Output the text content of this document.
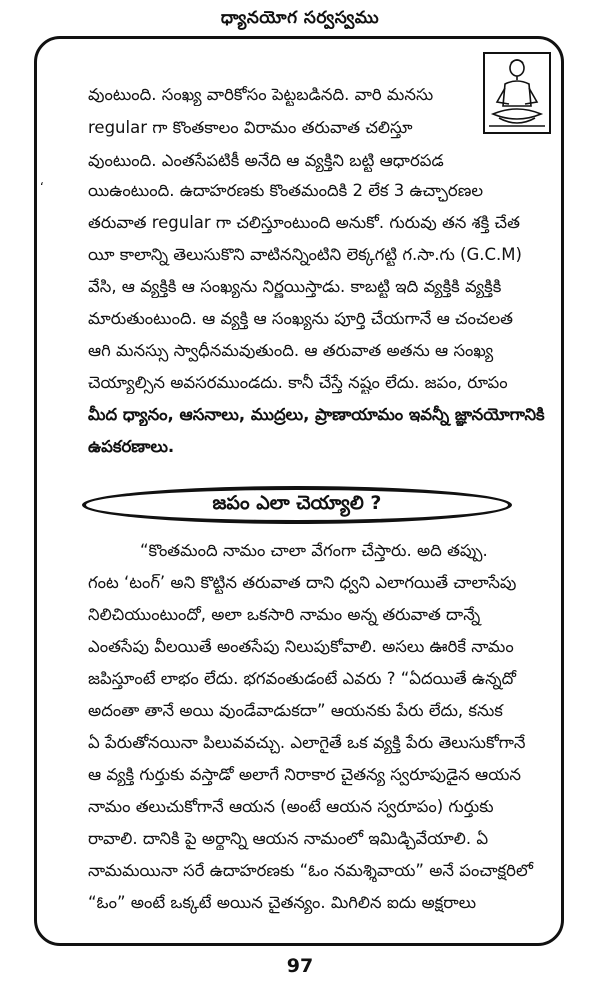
ధ్యానయోగ సర్వస్వము
ʻ
వుంటుంది. సంఖ్య వారికోసం పెట్టబడినది. వారి మనసు
regular గా కొంతకాలం విరామం తరువాత చలిస్తూ
వుంటుంది. ఎంతసేపటికీ అనేది ఆ వ్యక్తిని బట్టి ఆధారపడ
యిఉంటుంది. ఉదాహరణకు కొంతమందికి 2 లేక 3 ఉచ్ఛారణల
తరువాత regular గా చలిస్తూంటుంది అనుకో. గురువు తన శక్తి చేత
యీ కాలాన్ని తెలుసుకొని వాటినన్నింటిని లెక్కగట్టి గ.సా.గు (G.C.M)
వేసి, ఆ వ్యక్తికి ఆ సంఖ్యను నిర్ణయిస్తాడు. కాబట్టి ఇది వ్యక్తికి వ్యక్తికి
మారుతుంటుంది. ఆ వ్యక్తి ఆ సంఖ్యను పూర్తి చేయగానే ఆ చంచలత
ఆగి మనస్సు స్వాధీనమవుతుంది. ఆ తరువాత అతను ఆ సంఖ్య
చెయ్యాల్సిన అవసరముండదు. కానీ చేస్తే నష్టం లేదు. జపం, రూపం
మీద ధ్యానం, ఆసనాలు, ముద్రలు, ప్రాణాయామం ఇవన్నీ జ్ఞానయోగానికి
ఉపకరణాలు.
జపం ఎలా చెయ్యాలి ?
“కొంతమంది నామం చాలా వేగంగా చేస్తారు. అది తప్పు.
గంట ‘టంగ్’ అని కొట్టిన తరువాత దాని ధ్వని ఎలాగయితే చాలాసేపు
నిలిచియుంటుందో, అలా ఒకసారి నామం అన్న తరువాత దాన్నే
ఎంతసేపు వీలయితే అంతసేపు నిలుపుకోవాలి. అసలు ఊరికే నామం
జపిస్తూంటే లాభం లేదు. భగవంతుడంటే ఎవరు ? “ఏదయితే ఉన్నదో
అదంతా తానే అయి వుండేవాడుకదా” ఆయనకు పేరు లేదు, కనుక
ఏ పేరుతోనయినా పిలువవచ్చు. ఎలాగైతే ఒక వ్యక్తి పేరు తెలుసుకోగానే
ఆ వ్యక్తి గుర్తుకు వస్తాడో అలాగే నిరాకార చైతన్య స్వరూపుడైన ఆయన
నామం తలుచుకోగానే ఆయన (అంటే ఆయన స్వరూపం) గుర్తుకు
రావాలి. దానికి పై అర్థాన్ని ఆయన నామంలో ఇమిడ్చివేయాలి. ఏ
నామమయినా సరే ఉదాహరణకు “ఓం నమశ్శివాయ” అనే పంచాక్షరిలో
“ఓం” అంటే ఒక్కటే అయిన చైతన్యం. మిగిలిన ఐదు అక్షరాలు
97
